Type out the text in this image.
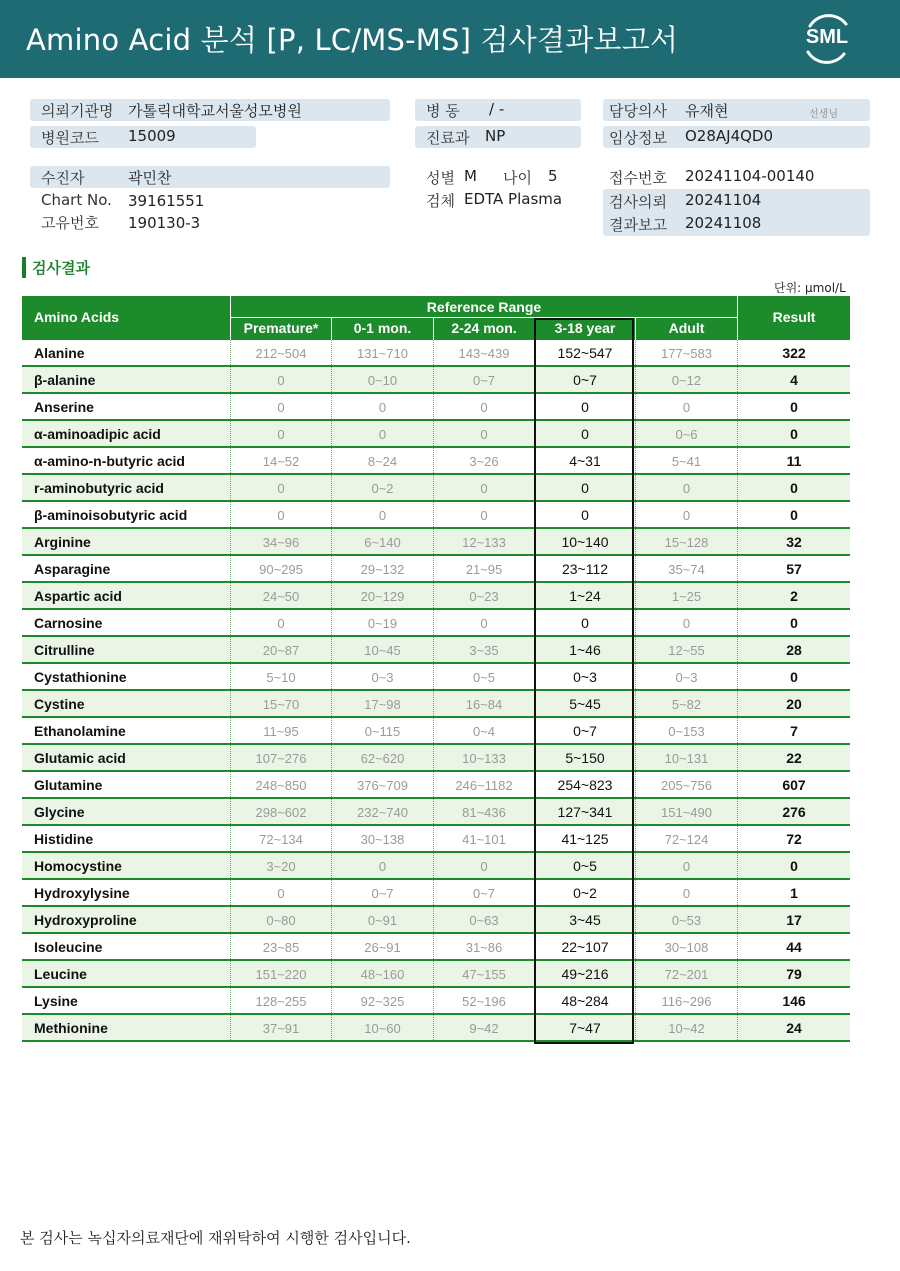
Amino Acid 분석 [P, LC/MS-MS] 검사결과보고서	SML
의뢰기관명 가톨릭대학교서울성모병원
병원코드 15009
수진자	곽민찬
Chart No. 39161551
고유번호 190130-3
병 동 / -
진료과 NP
성별 M 나이 5
검체 EDTA Plasma
담당의사 유재현	선생님
임상정보 O28AJ4QD0
접수번호 20241104-00140
검사의뢰 20241104
결과보고 20241108
검사결과
단위: μmol/L
Amino Acids
Reference Range
Premature*	0-1 mon.	2-24 mon.	3-18 year	Adult
Result
Alanine	212~504	131~710	143~439	152~547	177~583	322
β-alanine	0	0~10	0~7	0~7	0~12	4
Anserine	0	0	0	0	0	0
α-aminoadipic acid	0	0	0	0	0~6	0
α-amino-n-butyric acid	14~52	8~24	3~26	4~31	5~41	11
r-aminobutyric acid	0	0~2	0	0	0	0
β-aminoisobutyric acid	0	0	0	0	0	0
Arginine	34~96	6~140	12~133	10~140	15~128	32
Asparagine	90~295	29~132	21~95	23~112	35~74	57
Aspartic acid	24~50	20~129	0~23	1~24	1~25	2
Carnosine	0	0~19	0	0	0	0
Citrulline	20~87	10~45	3~35	1~46	12~55	28
Cystathionine	5~10	0~3	0~5	0~3	0~3	0
Cystine	15~70	17~98	16~84	5~45	5~82	20
Ethanolamine	11~95	0~115	0~4	0~7	0~153	7
Glutamic acid	107~276	62~620	10~133	5~150	10~131	22
Glutamine	248~850	376~709	246~1182	254~823	205~756	607
Glycine	298~602	232~740	81~436	127~341	151~490	276
Histidine	72~134	30~138	41~101	41~125	72~124	72
Homocystine	3~20	0	0	0~5	0	0
Hydroxylysine	0	0~7	0~7	0~2	0	1
Hydroxyproline	0~80	0~91	0~63	3~45	0~53	17
Isoleucine	23~85	26~91	31~86	22~107	30~108	44
Leucine	151~220	48~160	47~155	49~216	72~201	79
Lysine	128~255	92~325	52~196	48~284	116~296	146
Methionine	37~91	10~60	9~42	7~47	10~42	24
본 검사는 녹십자의료재단에 재위탁하여 시행한 검사입니다.
